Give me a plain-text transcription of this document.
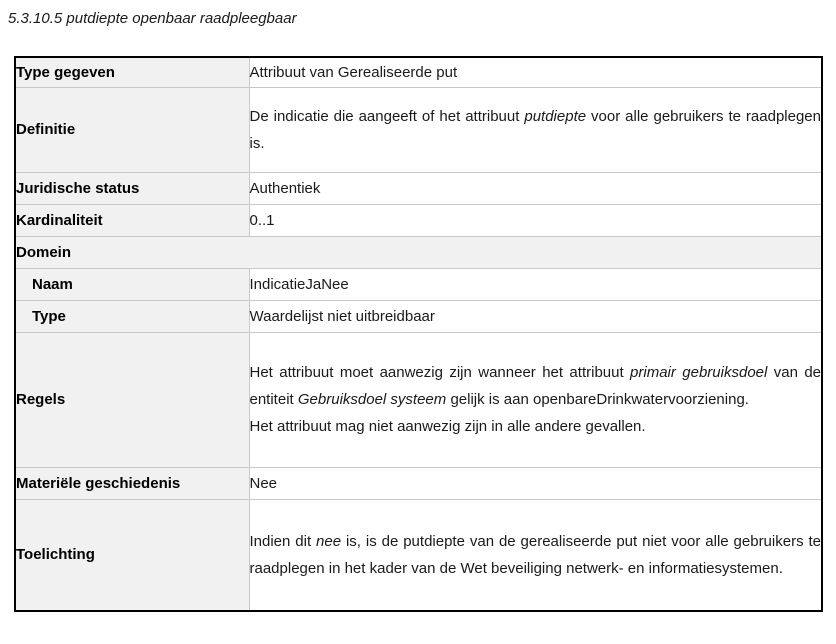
5.3.10.5 putdiepte openbaar raadpleegbaar
Type gegeven	Attribuut van Gerealiseerde put

Definitie	De indicatie die aangeeft of het attribuut putdiepte voor alle gebruikers te raadplegen is.

Juridische status	Authentiek

Kardinaliteit	0..1

Domein	
Naam	IndicatieJaNee

Type	Waardelijst niet uitbreidbaar

Regels	Het attribuut moet aanwezig zijn wanneer het attribuut primair gebruiksdoel van de entiteit Gebruiksdoel systeem gelijk is aan openbareDrinkwatervoorziening.
Het attribuut mag niet aanwezig zijn in alle andere gevallen.

Materiële geschiedenis	Nee

Toelichting	Indien dit nee is, is de putdiepte van de gerealiseerde put niet voor alle gebruikers te raadplegen in het kader van de Wet beveiliging netwerk- en informatiesystemen.
